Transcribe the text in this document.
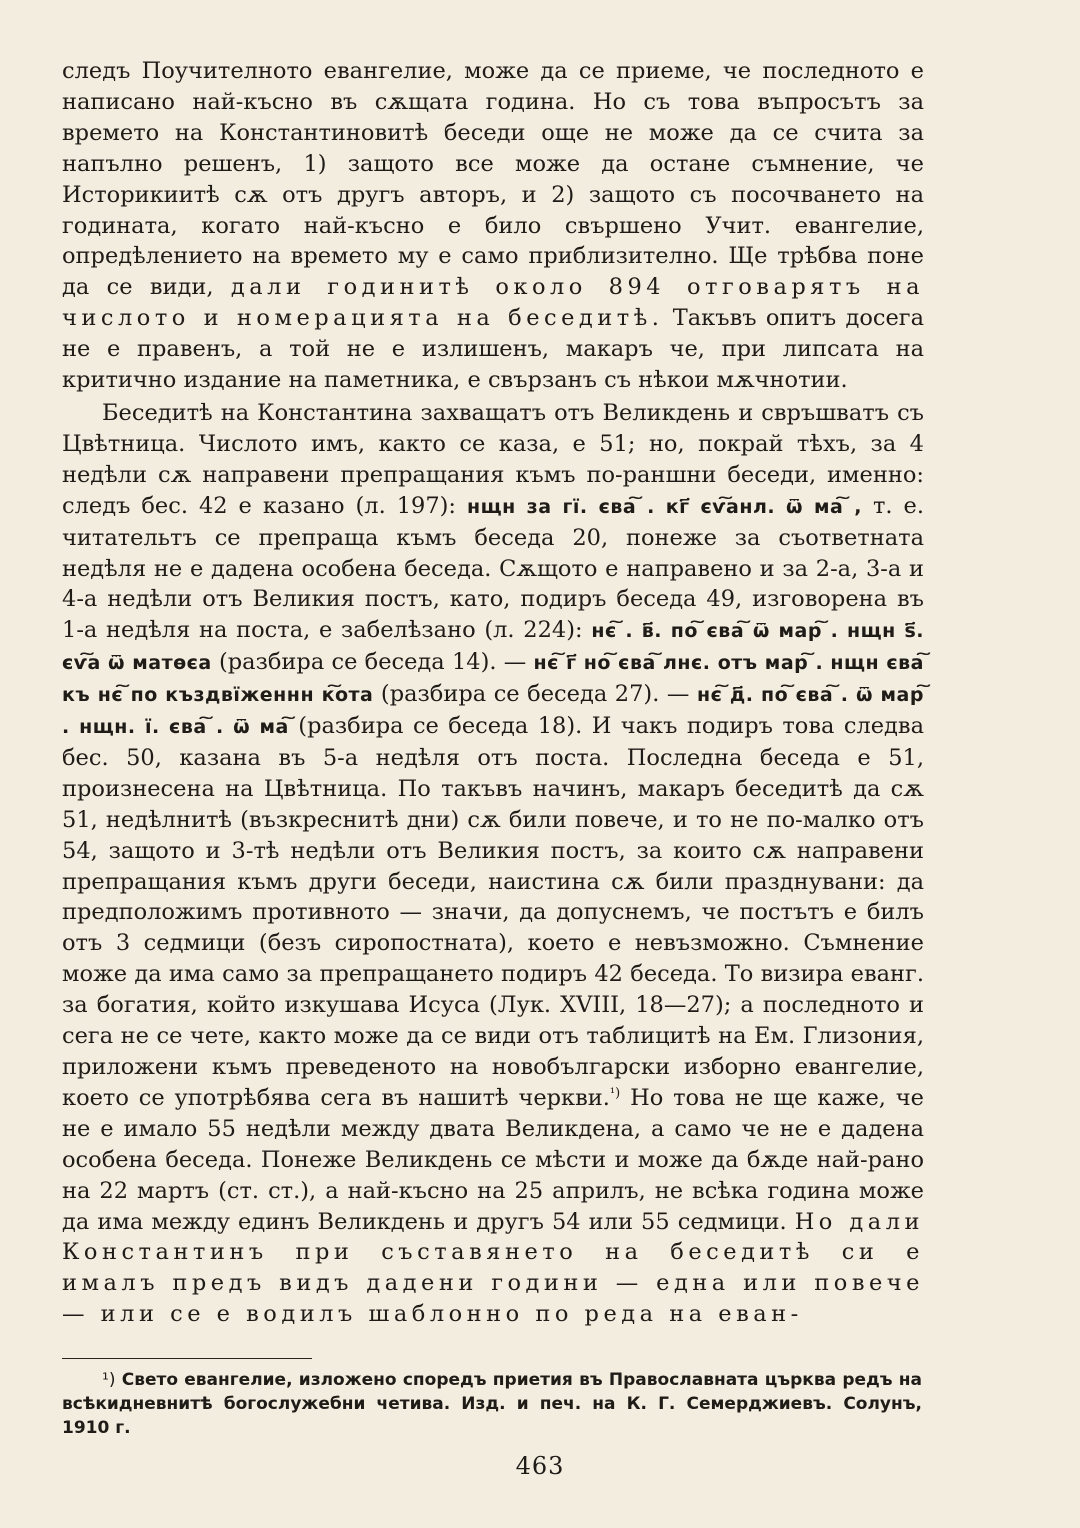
следъ Поучителното евангелие, може да се приеме, че последното е написано най-късно въ сѫщата година. Но съ това въпросътъ за времето на Константиновитѣ беседи още не може да се счита за напълно решенъ, 1) защото все може да остане съмнение, че Историкиитѣ сѫ отъ другъ авторъ, и 2) защото съ посочването на годината, когато най-късно е било свършено Учит. евангелие, опредѣлението на времето му е само приблизително. Ще трѣбва поне да се види, дали годинитѣ около 894 отговарятъ на числото и номерацията на беседитѣ. Такъвъ опитъ досега не е правенъ, а той не е излишенъ, макаръ че, при липсата на критично издание на паметника, е свързанъ съ нѣкои мѫчнотии.

Беседитѣ на Константина захващатъ отъ Великдень и свръшватъ съ Цвѣтница. Числото имъ, както се каза, е 51; но, покрай тѣхъ, за 4 недѣли сѫ направени препращания къмъ по-раншни беседи, именно: следъ бес. 42 е казано (л. 197): нщн за гї. єва͠ . кг҃ єѵ͠анл. ѿ ма͠ , т. е. читательтъ се препраща къмъ беседа 20, понеже за съответната недѣля не е дадена особена беседа. Сѫщото е направено и за 2-а, 3-а и 4-а недѣли отъ Великия постъ, като, подиръ беседа 49, изговорена въ 1-а недѣля на поста, е забелѣзано (л. 224): нє͠ . в҃. по͠ єва͠ ѿ мар͠ . нщн ѕ҃. єѵ͠а ѿ матѳєа (разбира се беседа 14). — нє͠ г҃ но͠ єва͠ лнє. отъ мар͠ . нщн єва͠ къ нє͠ по къздвїженнн к͠ота (разбира се беседа 27). — нє͠ д҃. по͠ єва͠ . ѿ мар͠ . нщн. ї. єва͠ . ѿ ма͠ (разбира се беседа 18). И чакъ подиръ това следва бес. 50, казана въ 5-а недѣля отъ поста. Последна беседа е 51, произнесена на Цвѣтница. По такъвъ начинъ, макаръ беседитѣ да сѫ 51, недѣлнитѣ (възкреснитѣ дни) сѫ били повече, и то не по-малко отъ 54, защото и 3-тѣ недѣли отъ Великия постъ, за които сѫ направени препращания къмъ други беседи, наистина сѫ били празднувани: да предположимъ противното — значи, да допуснемъ, че постътъ е билъ отъ 3 седмици (безъ сиропостната), което е невъзможно. Съмнение може да има само за препращането подиръ 42 беседа. То визира еванг. за богатия, който изкушава Исуса (Лук. XVIII, 18—27); а последното и сега не се чете, както може да се види отъ таблицитѣ на Ем. Глизония, приложени къмъ преведеното на новобългарски изборно евангелие, което се употрѣбява сега въ нашитѣ черкви.$^{^1)}$ Но това не ще каже, че не е имало 55 недѣли между двата Великдена, а само че не е дадена особена беседа. Понеже Великдень се мѣсти и може да бѫде най-рано на 22 мартъ (ст. ст.), а най-късно на 25 априлъ, не всѣка година може да има между единъ Великдень и другъ 54 или 55 седмици. Но дали Константинъ при съставянето на беседитѣ си е ималъ предъ видъ дадени години — една или повече — или се е водилъ шаблонно по реда на еван-

¹) Свето евангелие, изложено споредъ приетия въ Православната църква редъ на всѣкидневнитѣ богослужебни четива. Изд. и печ. на К. Г. Семерджиевъ. Солунъ, 1910 г.

463
